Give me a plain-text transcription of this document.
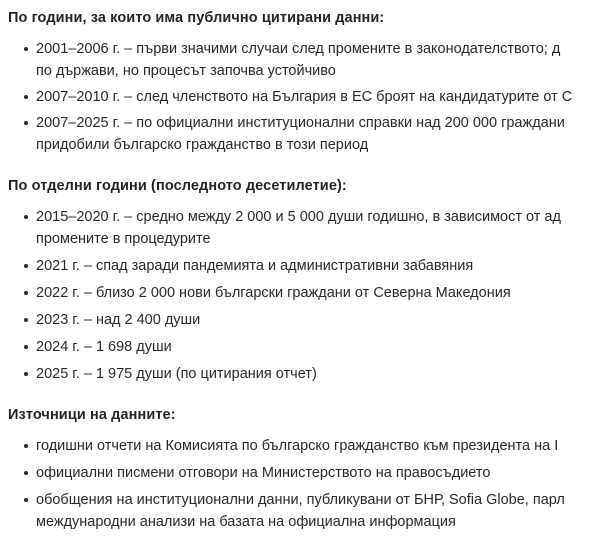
По години, за които има публично цитирани данни:
2001–2006 г. – първи значими случаи след промените в законодателството; д
по държави, но процесът започва устойчиво
2007–2010 г. – след членството на България в ЕС броят на кандидатурите от С
2007–2025 г. – по официални институционални справки над 200 000 граждани
придобили българско гражданство в този период
По отделни години (последното десетилетие):
2015–2020 г. – средно между 2 000 и 5 000 души годишно, в зависимост от ад
промените в процедурите
2021 г. – спад заради пандемията и административни забавяния
2022 г. – близо 2 000 нови български граждани от Северна Македония
2023 г. – над 2 400 души
2024 г. – 1 698 души
2025 г. – 1 975 души (по цитирания отчет)
Източници на данните:
годишни отчети на Комисията по българско гражданство към президента на І
официални писмени отговори на Министерството на правосъдието
обобщения на институционални данни, публикувани от БНР, Sofia Globe, парл
международни анализи на базата на официална информация
